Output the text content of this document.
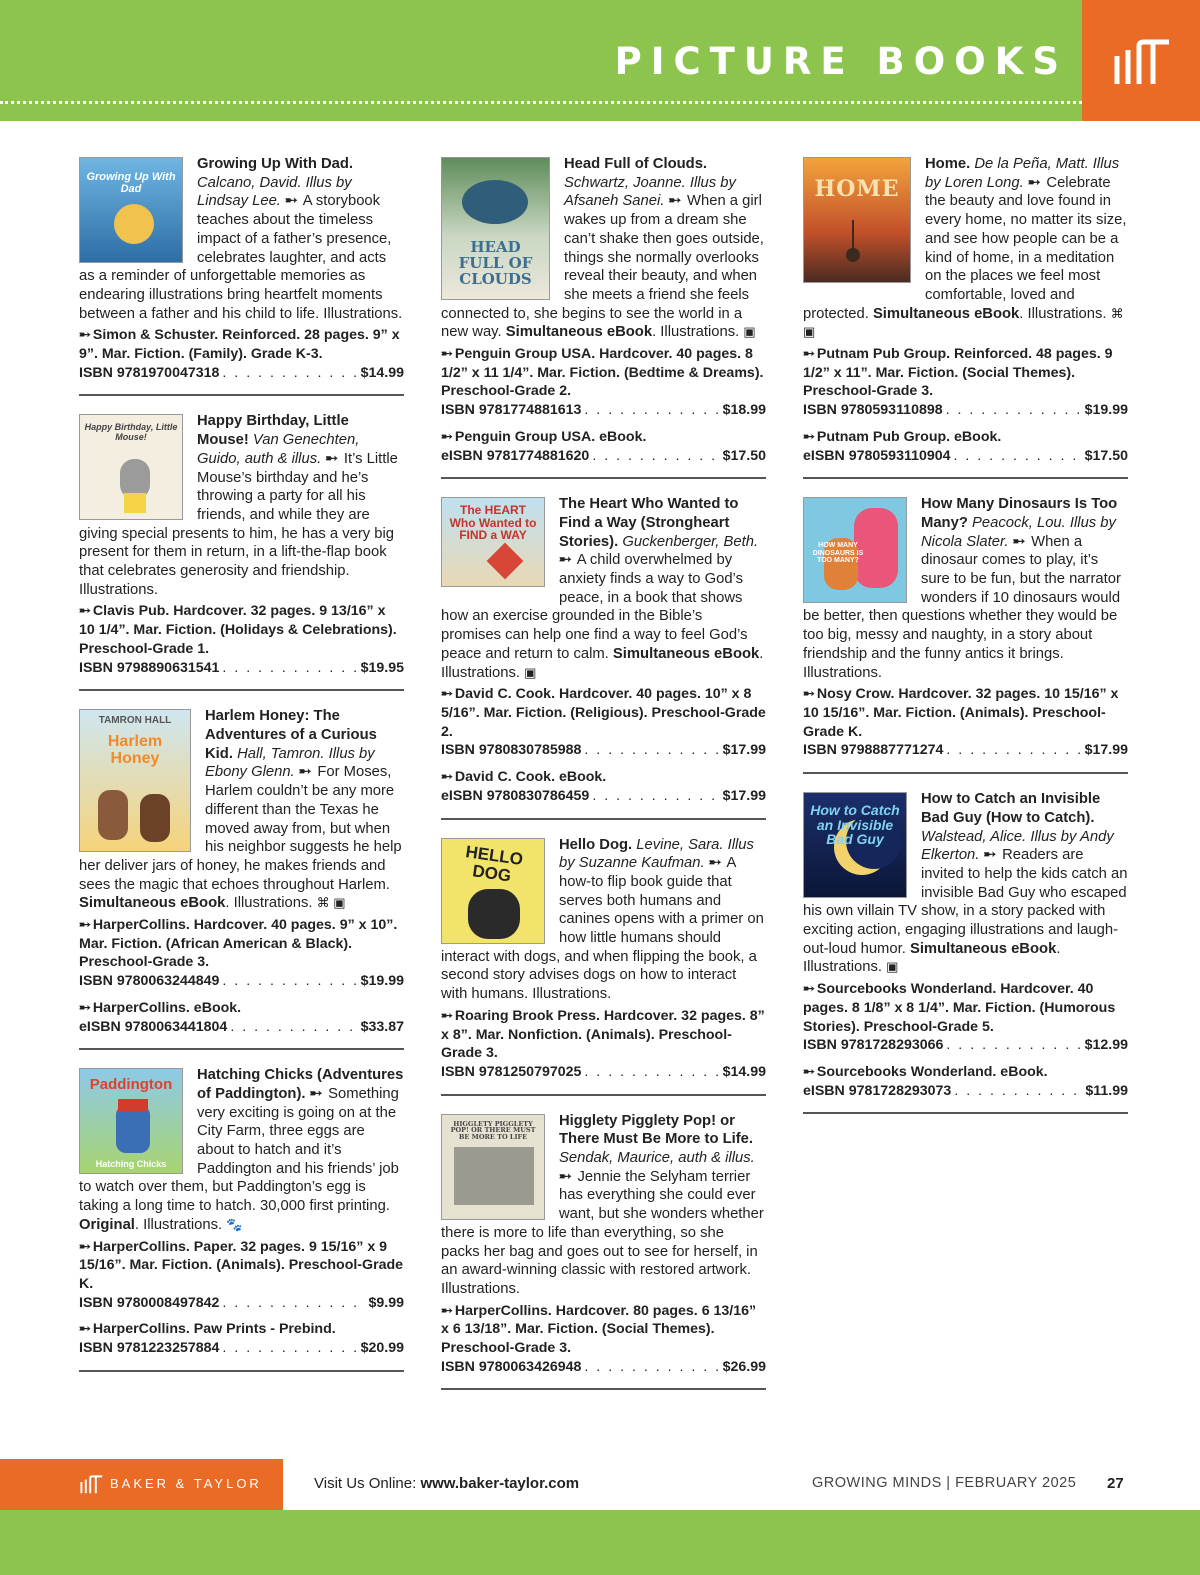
PICTURE BOOKS
Growing Up With Dad

Growing Up With Dad. Calcano, David. Illus by Lindsay Lee. ➸ A storybook teaches about the timeless impact of a father’s presence, celebrates laughter, and acts as a reminder of unforgettable memories as endearing illustrations bring heartfelt moments between a father and his child to life. Illustrations.

➸ Simon & Schuster. Reinforced. 28 pages. 9” x 9”. Mar. Fiction. (Family). Grade K-3.
ISBN 9781970047318 . . .	$14.99
Happy Birthday, Little Mouse!

Happy Birthday, Little Mouse! Van Genechten, Guido, auth & illus. ➸ It’s Little Mouse’s birthday and he’s throwing a party for all his friends, and while they are giving special presents to him, he has a very big present for them in return, in a lift-the-flap book that celebrates generosity and friendship. Illustrations.

➸ Clavis Pub. Hardcover. 32 pages. 9 13/16” x 10 1/4”. Mar. Fiction. (Holidays & Celebrations). Preschool-Grade 1.
ISBN 9798890631541 . . .	$19.95
TAMRON HALL
Harlem Honey

Harlem Honey: The Adventures of a Curious Kid. Hall, Tamron. Illus by Ebony Glenn. ➸ For Moses, Harlem couldn’t be any more different than the Texas he moved away from, but when his neighbor suggests he help her deliver jars of honey, he makes friends and sees the magic that echoes throughout Harlem. Simultaneous eBook. Illustrations. ⌘ ▣

➸ HarperCollins. Hardcover. 40 pages. 9” x 10”. Mar. Fiction. (African American & Black). Preschool-Grade 3.
ISBN 9780063244849 . . .	$19.99
➸ HarperCollins. eBook.
eISBN 9780063441804 . . .	$33.87
Paddington
Hatching Chicks

Hatching Chicks (Adventures of Paddington). ➸ Something very exciting is going on at the City Farm, three eggs are about to hatch and it’s Paddington and his friends’ job to watch over them, but Paddington’s egg is taking a long time to hatch. 30,000 first printing. Original. Illustrations. 🐾

➸ HarperCollins. Paper. 32 pages. 9 15/16” x 9 15/16”. Mar. Fiction. (Animals). Preschool-Grade K.
ISBN 9780008497842 . . .	$9.99
➸ HarperCollins. Paw Prints - Prebind.
ISBN 9781223257884 . . .	$20.99
HEAD FULL OF CLOUDS

Head Full of Clouds. Schwartz, Joanne. Illus by Afsaneh Sanei. ➸ When a girl wakes up from a dream she can’t shake then goes outside, things she normally overlooks reveal their beauty, and when she meets a friend she feels connected to, she begins to see the world in a new way. Simultaneous eBook. Illustrations. ▣

➸ Penguin Group USA. Hardcover. 40 pages. 8 1/2” x 11 1/4”. Mar. Fiction. (Bedtime & Dreams). Preschool-Grade 2.
ISBN 9781774881613 . . .	$18.99
➸ Penguin Group USA. eBook.
eISBN 9781774881620 . . .	$17.50
The HEART Who Wanted to FIND a WAY

The Heart Who Wanted to Find a Way (Strongheart Stories). Guckenberger, Beth. ➸ A child overwhelmed by anxiety finds a way to God’s peace, in a book that shows how an exercise grounded in the Bible’s promises can help one find a way to feel God’s peace and return to calm. Simultaneous eBook. Illustrations. ▣

➸ David C. Cook. Hardcover. 40 pages. 10” x 8 5/16”. Mar. Fiction. (Religious). Preschool-Grade 2.
ISBN 9780830785988 . . .	$17.99
➸ David C. Cook. eBook.
eISBN 9780830786459 . . .	$17.99
HELLO DOG

Hello Dog. Levine, Sara. Illus by Suzanne Kaufman. ➸ A how-to flip book guide that serves both humans and canines opens with a primer on how little humans should interact with dogs, and when flipping the book, a second story advises dogs on how to interact with humans. Illustrations.

➸ Roaring Brook Press. Hardcover. 32 pages. 8” x 8”. Mar. Nonfiction. (Animals). Preschool-Grade 3.
ISBN 9781250797025 . . .	$14.99
HIGGLETY PIGGLETY POP! OR THERE MUST BE MORE TO LIFE

Higglety Pigglety Pop! or There Must Be More to Life. Sendak, Maurice, auth & illus. ➸ Jennie the Selyham terrier has everything she could ever want, but she wonders whether there is more to life than everything, so she packs her bag and goes out to see for herself, in an award-winning classic with restored artwork. Illustrations.

➸ HarperCollins. Hardcover. 80 pages. 6 13/16” x 6 13/18”. Mar. Fiction. (Social Themes). Preschool-Grade 3.
ISBN 9780063426948 . . .	$26.99
HOME

Home. De la Peña, Matt. Illus by Loren Long. ➸ Celebrate the beauty and love found in every home, no matter its size, and see how people can be a kind of home, in a meditation on the places we feel most comfortable, loved and protected. Simultaneous eBook. Illustrations. ⌘ ▣

➸ Putnam Pub Group. Reinforced. 48 pages. 9 1/2” x 11”. Mar. Fiction. (Social Themes). Preschool-Grade 3.
ISBN 9780593110898 . . .	$19.99
➸ Putnam Pub Group. eBook.
eISBN 9780593110904 . . .	$17.50
HOW MANY DINOSAURS IS TOO MANY?

How Many Dinosaurs Is Too Many? Peacock, Lou. Illus by Nicola Slater. ➸ When a dinosaur comes to play, it’s sure to be fun, but the narrator wonders if 10 dinosaurs would be better, then questions whether they would be too big, messy and naughty, in a story about friendship and the funny antics it brings. Illustrations.

➸ Nosy Crow. Hardcover. 32 pages. 10 15/16” x 10 15/16”. Mar. Fiction. (Animals). Preschool-Grade K.
ISBN 9798887771274 . . .	$17.99
How to Catch an Invisible Bad Guy

How to Catch an Invisible Bad Guy (How to Catch). Walstead, Alice. Illus by Andy Elkerton. ➸ Readers are invited to help the kids catch an invisible Bad Guy who escaped his own villain TV show, in a story packed with exciting action, engaging illustrations and laugh-out-loud humor. Simultaneous eBook. Illustrations. ▣

➸ Sourcebooks Wonderland. Hardcover. 40 pages. 8 1/8” x 8 1/4”. Mar. Fiction. (Humorous Stories). Preschool-Grade 5.
ISBN 9781728293066 . . .	$12.99
➸ Sourcebooks Wonderland. eBook.
eISBN 9781728293073 . . .	$11.99
BAKER & TAYLOR	Visit Us Online: www.baker-taylor.com	GROWING MINDS | FEBRUARY 2025 27
